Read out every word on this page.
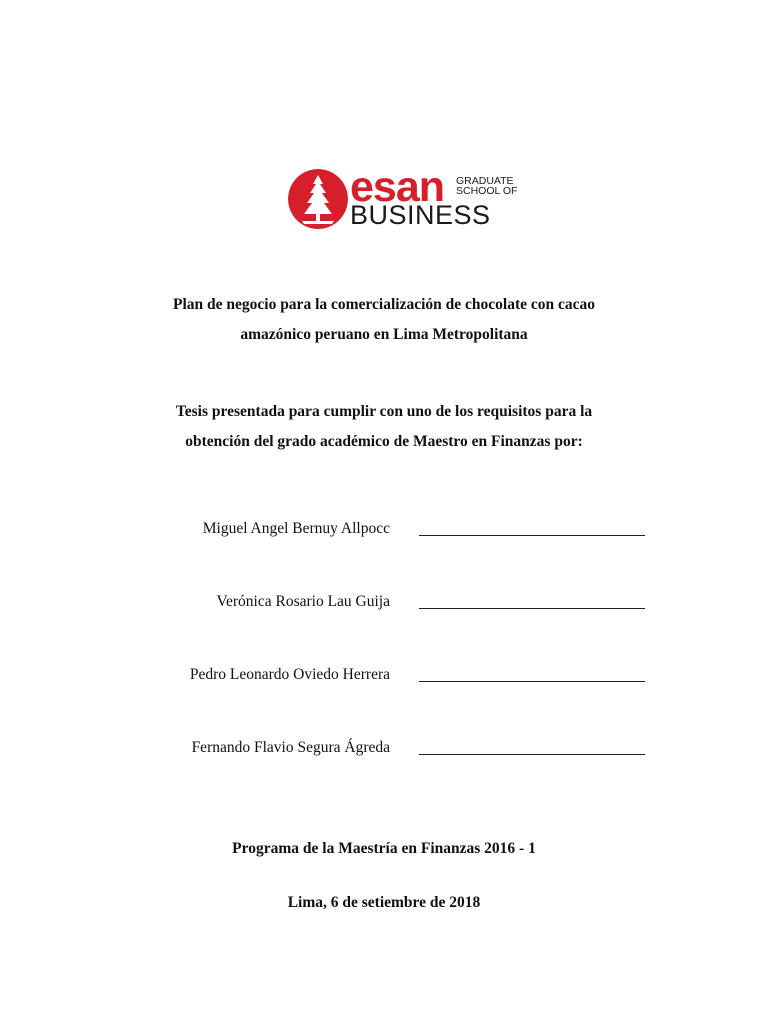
esan GRADUATE SCHOOL OF
BUSINESS
Plan de negocio para la comercialización de chocolate con cacao
amazónico peruano en Lima Metropolitana
Tesis presentada para cumplir con uno de los requisitos para la
obtención del grado académico de Maestro en Finanzas por:
Miguel Angel Bernuy Allpocc
Verónica Rosario Lau Guija
Pedro Leonardo Oviedo Herrera
Fernando Flavio Segura Ágreda
Programa de la Maestría en Finanzas 2016 - 1
Lima, 6 de setiembre de 2018
